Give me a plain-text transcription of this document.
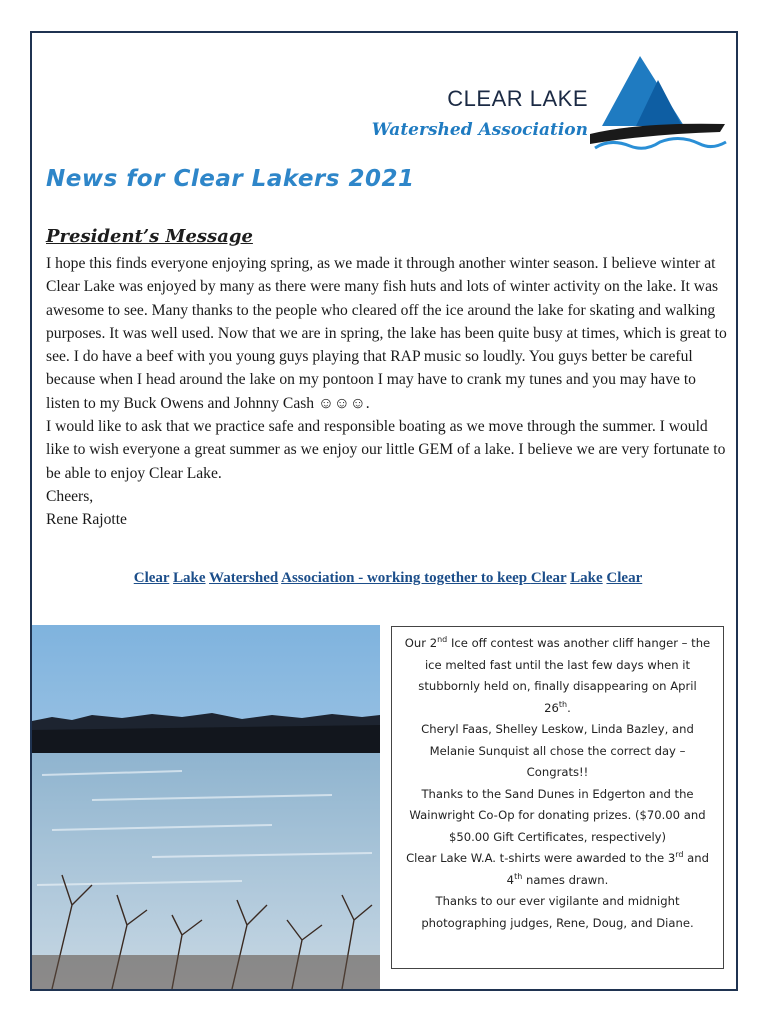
CLEAR LAKE
Watershed Association
News for Clear Lakers 2021
President’s Message

I hope this finds everyone enjoying spring, as we made it through another winter season. I believe winter at Clear Lake was enjoyed by many as there were many fish huts and lots of winter activity on the lake. It was awesome to see. Many thanks to the people who cleared off the ice around the lake for skating and walking purposes. It was well used. Now that we are in spring, the lake has been quite busy at times, which is great to see. I do have a beef with you young guys playing that RAP music so loudly. You guys better be careful because when I head around the lake on my pontoon I may have to crank my tunes and you may have to listen to my Buck Owens and Johnny Cash ☺☺☺.

I would like to ask that we practice safe and responsible boating as we move through the summer. I would like to wish everyone a great summer as we enjoy our little GEM of a lake. I believe we are very fortunate to be able to enjoy Clear Lake.

Cheers,

Rene Rajotte

Clear Lake Watershed Association - working together to keep Clear Lake Clear

Our 2nd Ice off contest was another cliff hanger – the ice melted fast until the last few days when it stubbornly held on, finally disappearing on April 26th.

Cheryl Faas, Shelley Leskow, Linda Bazley, and Melanie Sunquist all chose the correct day – Congrats!!

Thanks to the Sand Dunes in Edgerton and the Wainwright Co-Op for donating prizes. ($70.00 and $50.00 Gift Certificates, respectively)

Clear Lake W.A. t-shirts were awarded to the 3rd and 4th names drawn.

Thanks to our ever vigilante and midnight photographing judges, Rene, Doug, and Diane.
